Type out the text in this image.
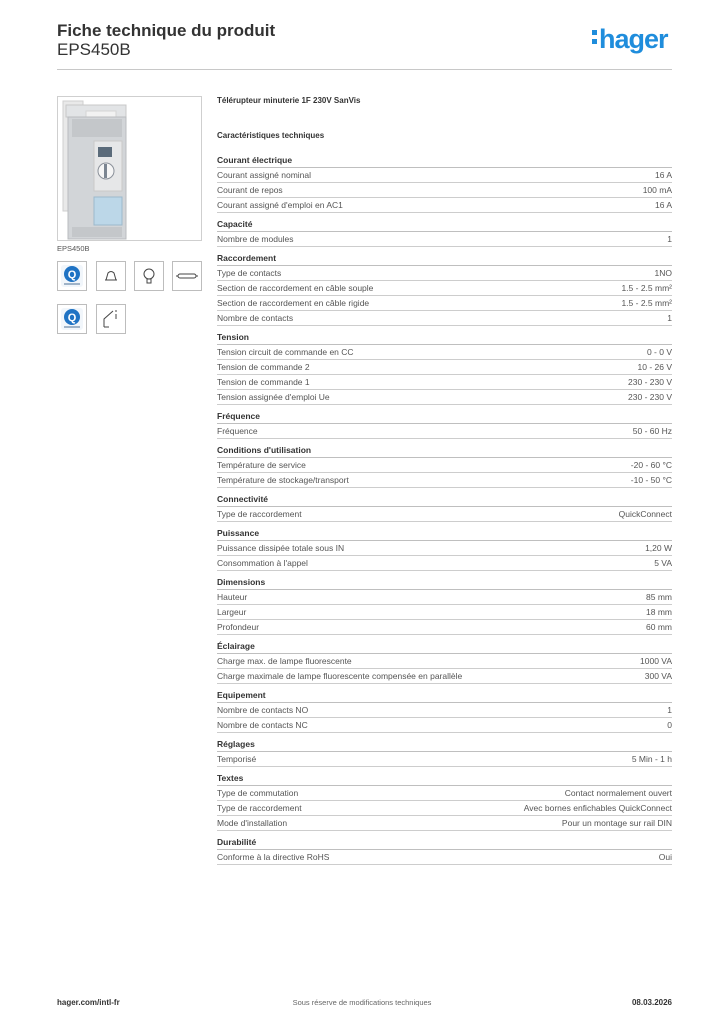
Fiche technique du produit
EPS450B	hager
EPS450B
Q
Q
Télérupteur minuterie 1F 230V SanVis
Caractéristiques techniques
Courant électrique
Courant assigné nominal	16 A
Courant de repos	100 mA
Courant assigné d'emploi en AC1	16 A
Capacité
Nombre de modules	1
Raccordement
Type de contacts	1NO
Section de raccordement en câble souple	1.5 - 2.5 mm²
Section de raccordement en câble rigide	1.5 - 2.5 mm²
Nombre de contacts	1
Tension
Tension circuit de commande en CC	0 - 0 V
Tension de commande 2	10 - 26 V
Tension de commande 1	230 - 230 V
Tension assignée d'emploi Ue	230 - 230 V
Fréquence
Fréquence	50 - 60 Hz
Conditions d'utilisation
Température de service	-20 - 60 °C
Température de stockage/transport	-10 - 50 °C
Connectivité
Type de raccordement	QuickConnect
Puissance
Puissance dissipée totale sous IN	1,20 W
Consommation à l'appel	5 VA
Dimensions
Hauteur	85 mm
Largeur	18 mm
Profondeur	60 mm
Éclairage
Charge max. de lampe fluorescente	1000 VA
Charge maximale de lampe fluorescente compensée en parallèle	300 VA
Equipement
Nombre de contacts NO	1
Nombre de contacts NC	0
Réglages
Temporisé	5 Min - 1 h
Textes
Type de commutation	Contact normalement ouvert
Type de raccordement	Avec bornes enfichables QuickConnect
Mode d'installation	Pour un montage sur rail DIN
Durabilité
Conforme à la directive RoHS	Oui
hager.com/intl-fr	Sous réserve de modifications techniques	08.03.2026
